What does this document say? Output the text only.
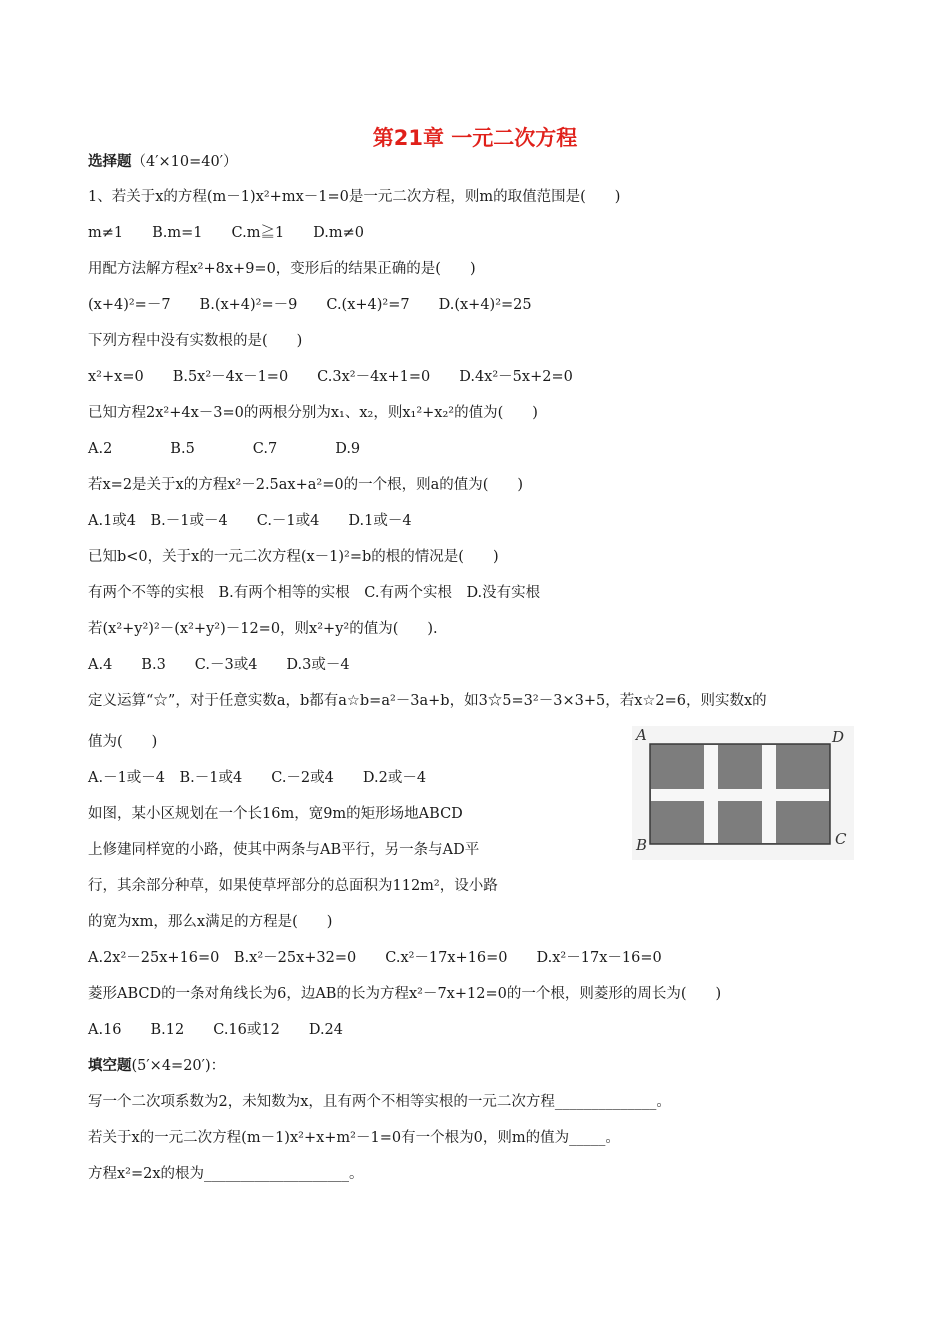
第21章 一元二次方程
选择题（4′×10=40′）
1、若关于x的方程(m－1)x²+mx－1=0是一元二次方程，则m的取值范围是(　　)
m≠1　　B.m=1　　C.m≧1　　D.m≠0
用配方法解方程x²+8x+9=0，变形后的结果正确的是(　　)
(x+4)²=－7　　B.(x+4)²=－9　　C.(x+4)²=7　　D.(x+4)²=25
下列方程中没有实数根的是(　　)
x²+x=0　　B.5x²－4x－1=0　　C.3x²－4x+1=0　　D.4x²－5x+2=0
已知方程2x²+4x－3=0的两根分别为x₁、x₂，则x₁²+x₂²的值为(　　)
A.2　　　　B.5　　　　C.7　　　　D.9
若x=2是关于x的方程x²－2.5ax+a²=0的一个根，则a的值为(　　)
A.1或4　B.－1或－4　　C.－1或4　　D.1或－4
已知b<0，关于x的一元二次方程(x－1)²=b的根的情况是(　　)
有两个不等的实根　B.有两个相等的实根　C.有两个实根　D.没有实根
若(x²+y²)²－(x²+y²)－12=0，则x²+y²的值为(　　).
A.4　　B.3　　C.－3或4　　D.3或－4
定义运算“☆”，对于任意实数a，b都有a☆b=a²－3a+b，如3☆5=3²－3×3+5，若x☆2=6，则实数x的
值为(　　)
A.－1或－4　B.－1或4　　C.－2或4　　D.2或－4
如图，某小区规划在一个长16m，宽9m的矩形场地ABCD
上修建同样宽的小路，使其中两条与AB平行，另一条与AD平
行，其余部分种草，如果使草坪部分的总面积为112m²，设小路
的宽为xm，那么x满足的方程是(　　)
A.2x²－25x+16=0　B.x²－25x+32=0　　C.x²－17x+16=0　　D.x²－17x－16=0
菱形ABCD的一条对角线长为6，边AB的长为方程x²－7x+12=0的一个根，则菱形的周长为(　　)
A.16　　B.12　　C.16或12　　D.24
填空题(5′×4=20′)：
写一个二次项系数为2，未知数为x，且有两个不相等实根的一元二次方程______________。
若关于x的一元二次方程(m－1)x²+x+m²－1=0有一个根为0，则m的值为_____。
方程x²=2x的根为____________________。
A	D
B	C
